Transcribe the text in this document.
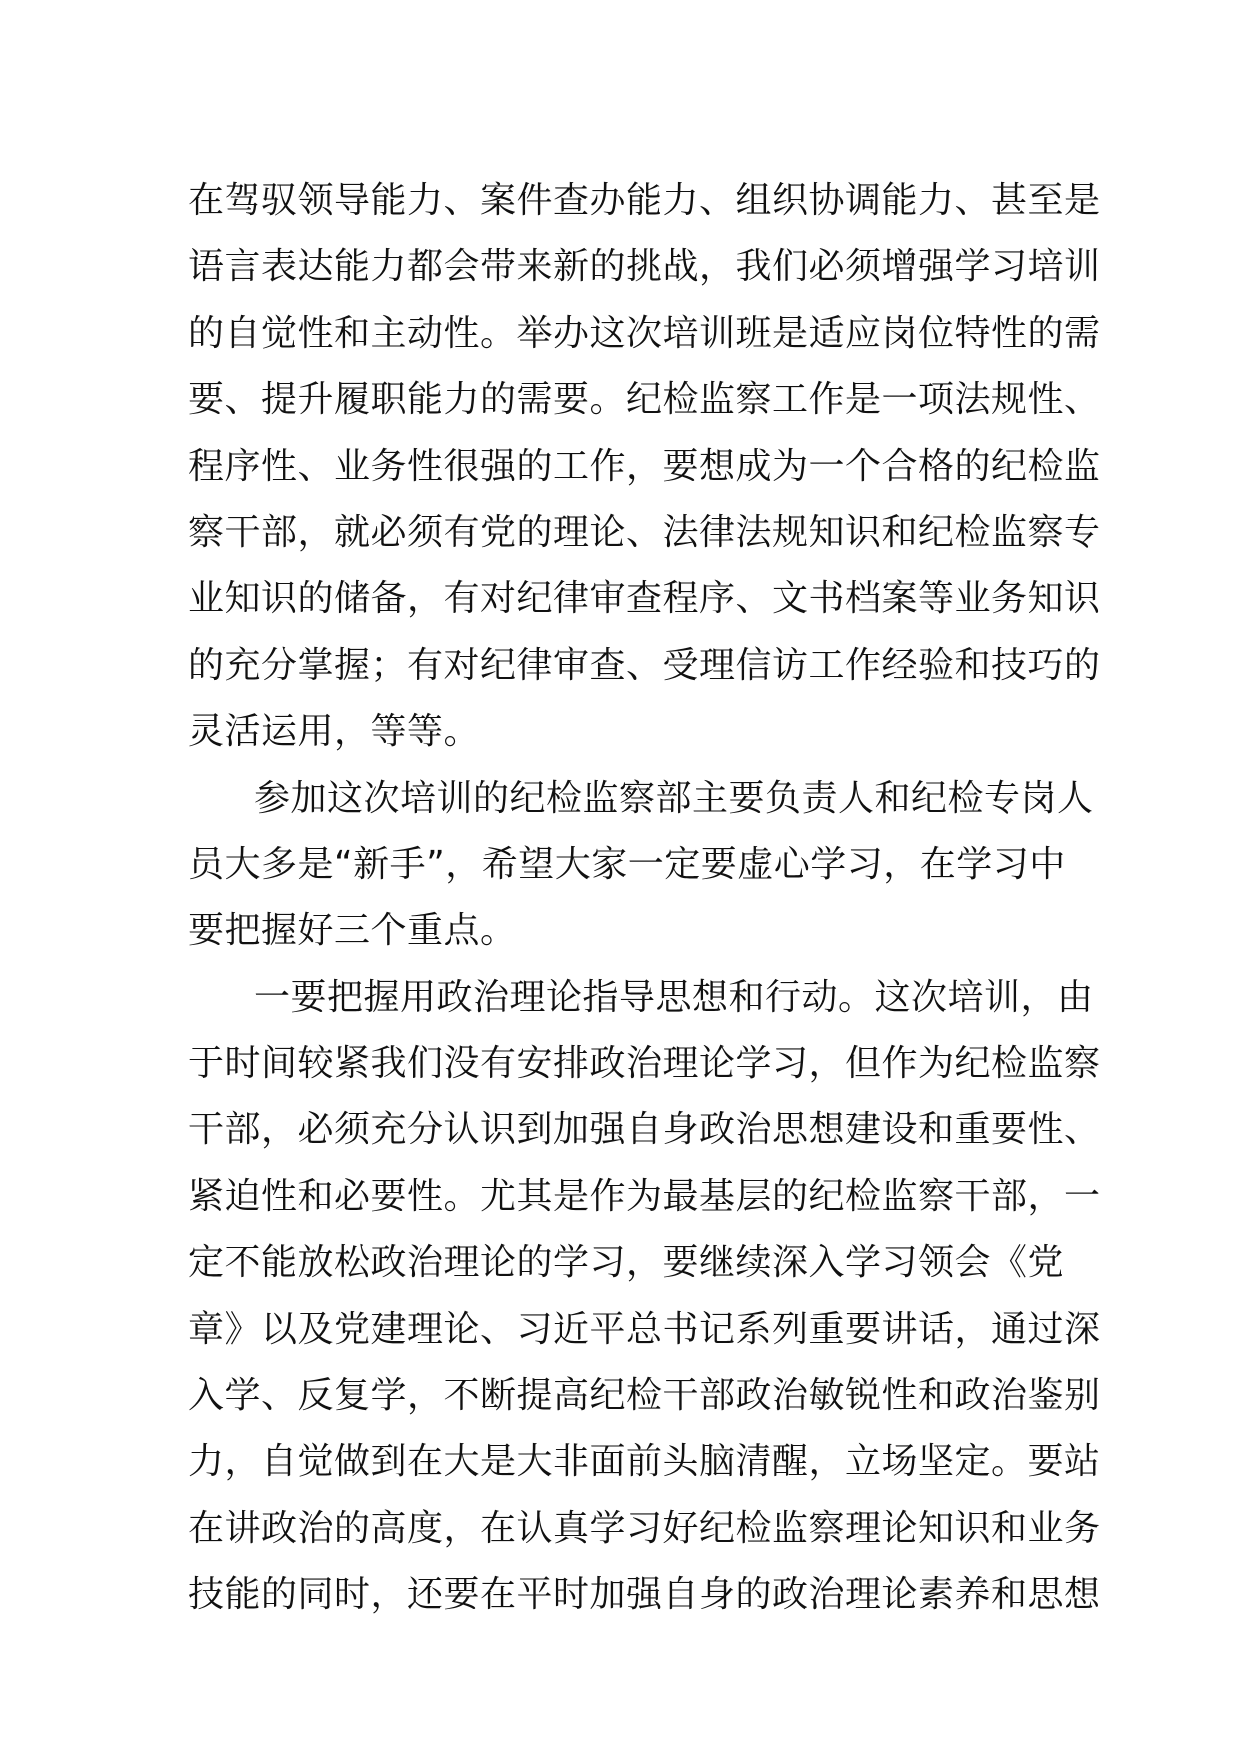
在驾驭领导能力、案件查办能力、组织协调能力、甚至是
语言表达能力都会带来新的挑战，我们必须增强学习培训
的自觉性和主动性。举办这次培训班是适应岗位特性的需
要、提升履职能力的需要。纪检监察工作是一项法规性、
程序性、业务性很强的工作，要想成为一个合格的纪检监
察干部，就必须有党的理论、法律法规知识和纪检监察专
业知识的储备，有对纪律审查程序、文书档案等业务知识
的充分掌握；有对纪律审查、受理信访工作经验和技巧的
灵活运用，等等。
参加这次培训的纪检监察部主要负责人和纪检专岗人
员大多是“新手”，希望大家一定要虚心学习，在学习中
要把握好三个重点。
一要把握用政治理论指导思想和行动。这次培训，由
于时间较紧我们没有安排政治理论学习，但作为纪检监察
干部，必须充分认识到加强自身政治思想建设和重要性、
紧迫性和必要性。尤其是作为最基层的纪检监察干部，一
定不能放松政治理论的学习，要继续深入学习领会《党
章》以及党建理论、习近平总书记系列重要讲话，通过深
入学、反复学，不断提高纪检干部政治敏锐性和政治鉴别
力，自觉做到在大是大非面前头脑清醒，立场坚定。要站
在讲政治的高度，在认真学习好纪检监察理论知识和业务
技能的同时，还要在平时加强自身的政治理论素养和思想
